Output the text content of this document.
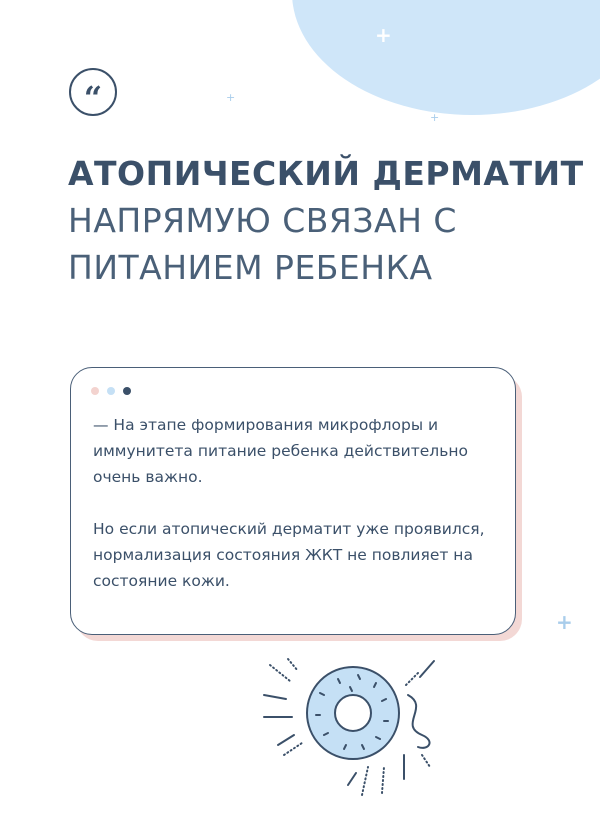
+
+
+
+
“
АТОПИЧЕСКИЙ ДЕРМАТИТ НАПРЯМУЮ СВЯЗАН С ПИТАНИЕМ РЕБЕНКА

— На этапе формирования микрофлоры и иммунитета питание ребенка действительно очень важно.

Но если атопический дерматит уже проявился, нормализация состояния ЖКТ не повлияет на состояние кожи.
